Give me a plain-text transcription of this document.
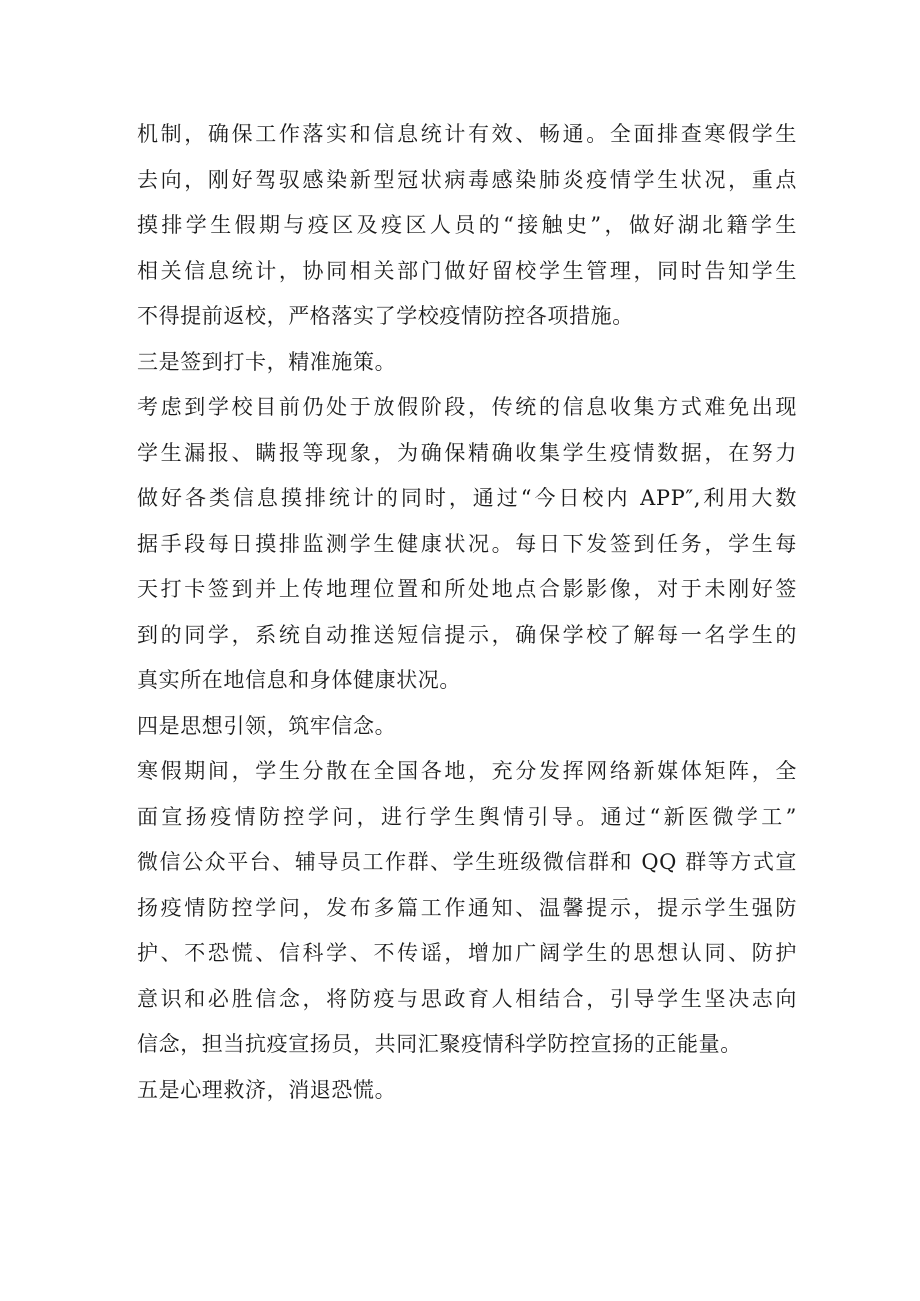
机制，确保工作落实和信息统计有效、畅通。全面排查寒假学生
去向，刚好驾驭感染新型冠状病毒感染肺炎疫情学生状况，重点
摸排学生假期与疫区及疫区人员的“接触史”，做好湖北籍学生
相关信息统计，协同相关部门做好留校学生管理，同时告知学生
不得提前返校，严格落实了学校疫情防控各项措施。
三是签到打卡，精准施策。
考虑到学校目前仍处于放假阶段，传统的信息收集方式难免出现
学生漏报、瞒报等现象，为确保精确收集学生疫情数据，在努力
做好各类信息摸排统计的同时，通过“今日校内 APP″,利用大数
据手段每日摸排监测学生健康状况。每日下发签到任务，学生每
天打卡签到并上传地理位置和所处地点合影影像，对于未刚好签
到的同学，系统自动推送短信提示，确保学校了解每一名学生的
真实所在地信息和身体健康状况。
四是思想引领，筑牢信念。
寒假期间，学生分散在全国各地，充分发挥网络新媒体矩阵，全
面宣扬疫情防控学问，进行学生舆情引导。通过“新医微学工”
微信公众平台、辅导员工作群、学生班级微信群和 QQ 群等方式宣
扬疫情防控学问，发布多篇工作通知、温馨提示，提示学生强防
护、不恐慌、信科学、不传谣，增加广阔学生的思想认同、防护
意识和必胜信念，将防疫与思政育人相结合，引导学生坚决志向
信念，担当抗疫宣扬员，共同汇聚疫情科学防控宣扬的正能量。
五是心理救济，消退恐慌。
